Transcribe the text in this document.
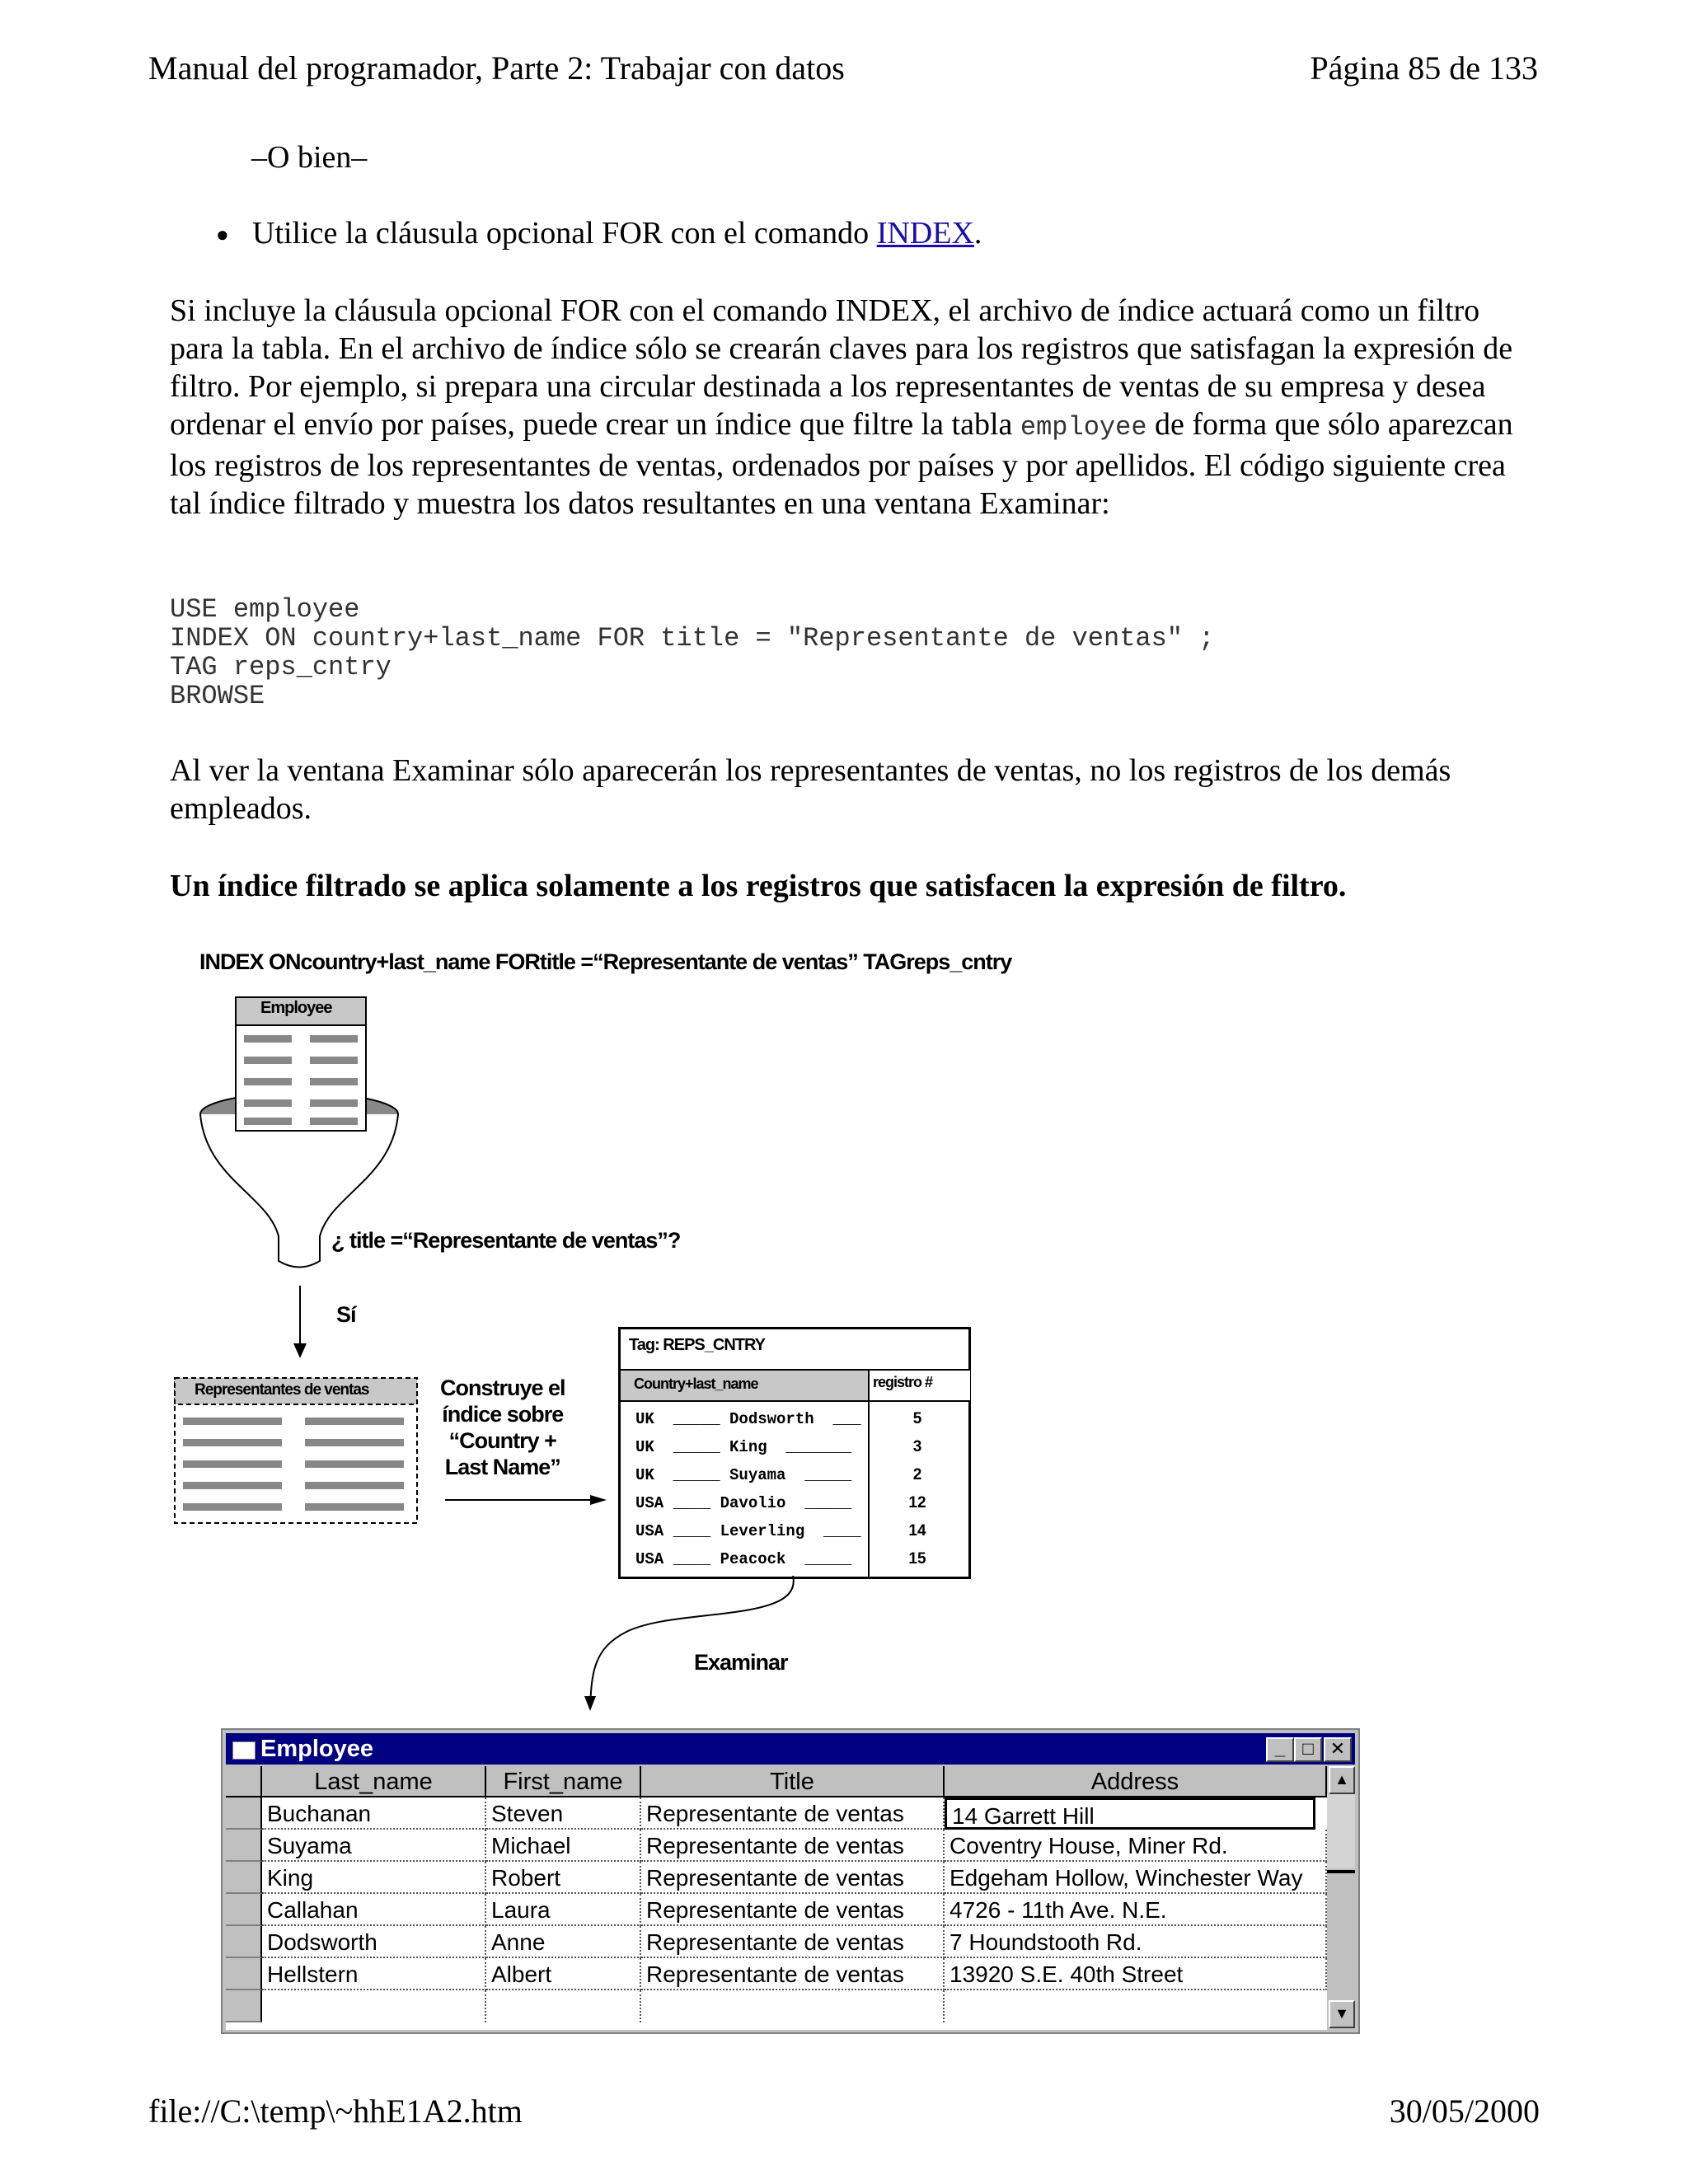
Manual del programador, Parte 2: Trabajar con datos	Página 85 de 133
–O bien–
● Utilice la cláusula opcional FOR con el comando INDEX.

Si incluye la cláusula opcional FOR con el comando INDEX, el archivo de índice actuará como un filtro para la tabla. En el archivo de índice sólo se crearán claves para los registros que satisfagan la expresión de filtro. Por ejemplo, si prepara una circular destinada a los representantes de ventas de su empresa y desea ordenar el envío por países, puede crear un índice que filtre la tabla employee de forma que sólo aparezcan los registros de los representantes de ventas, ordenados por países y por apellidos. El código siguiente crea tal índice filtrado y muestra los datos resultantes en una ventana Examinar:

USE employee
INDEX ON country+last_name FOR title = "Representante de ventas" ;
TAG reps_cntry
BROWSE

Al ver la ventana Examinar sólo aparecerán los representantes de ventas, no los registros de los demás empleados.

Un índice filtrado se aplica solamente a los registros que satisfacen la expresión de filtro.

INDEX ONcountry+last_name FORtitle =“Representante de ventas” TAGreps_cntry
Employee
¿ title =“Representante de ventas”?
Sí
Representantes de ventas	Construye el
índice sobre
“Country +
Last Name”
Tag: REPS_CNTRY
Country+last_name	registro #
UK  _____ Dodsworth  ___	5
UK  _____ King  _______	3
UK  _____ Suyama  _____	2
USA ____ Davolio  _____	12
USA ____ Leverling  ____	14
USA ____ Peacock  _____	15
Examinar
Employee	_ □ ✕
Last_name	First_name	Title	Address
Buchanan	Steven	Representante de ventas	14 Garrett Hill
Suyama	Michael	Representante de ventas	Coventry House, Miner Rd.
King	Robert	Representante de ventas	Edgeham Hollow, Winchester Way
Callahan	Laura	Representante de ventas	4726 - 11th Ave. N.E.
Dodsworth	Anne	Representante de ventas	7 Houndstooth Rd.
Hellstern	Albert	Representante de ventas	13920 S.E. 40th Street
▲
▼
file://C:\temp\~hhE1A2.htm	30/05/2000
